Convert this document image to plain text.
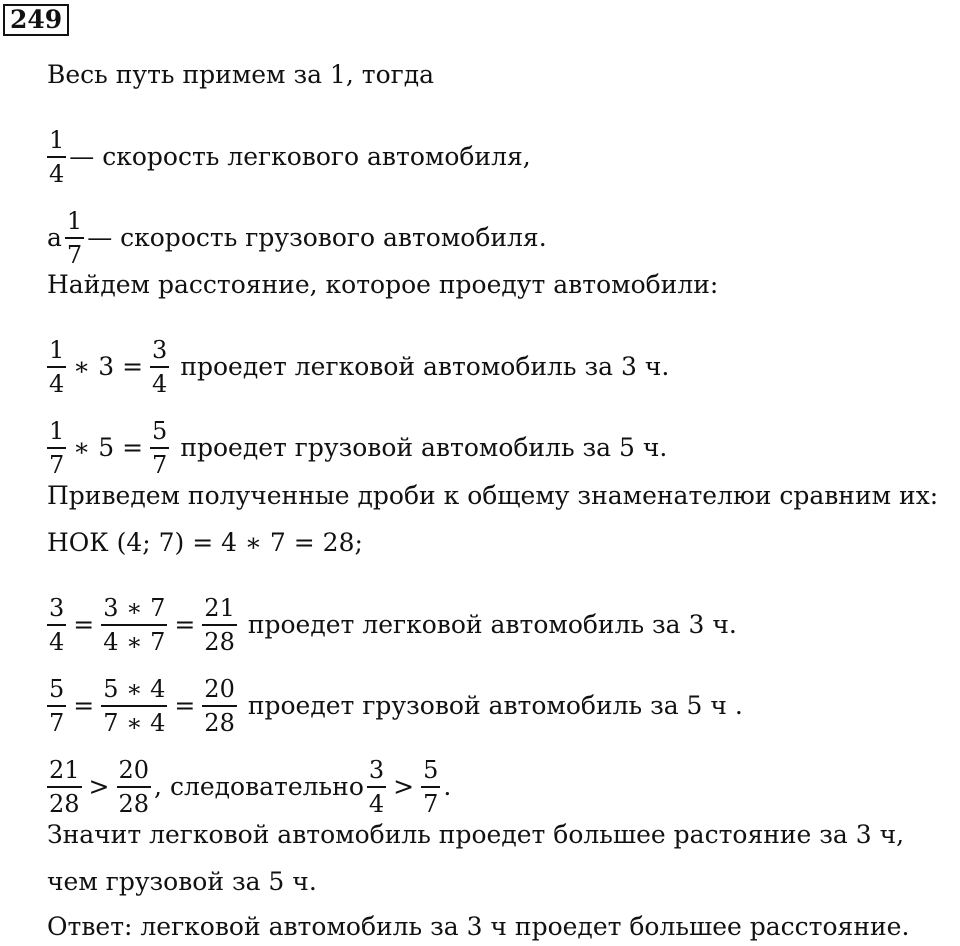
249
Весь путь примем за 1, тогда
$\frac{1}{4}$ — скорость легкового автомобиля,
а $\frac{1}{7}$ — скорость грузового автомобиля.
Найдем расстояние, которое проедут автомобили:
$\frac{1}{4}$ ∗ $3 = \frac{3}{4}$ проедет легковой автомобиль за 3 ч.
$\frac{1}{7}$ ∗ $5 = \frac{5}{7}$ проедет грузовой автомобиль за 5 ч.
Приведем полученные дроби к общему знаменателюи сравним их:
НОК (4; 7) = 4 ∗ 7 = 28;
$\frac{3}{4} = \frac{3 ∗ 7}{4 ∗ 7} = \frac{21}{28}$ проедет легковой автомобиль за 3 ч.
$\frac{5}{7} = \frac{5 ∗ 4}{7 ∗ 4} = \frac{20}{28}$ проедет грузовой автомобиль за 5 ч .
$\frac{21}{28} > \frac{20}{28}$ , следовательно $\frac{3}{4} > \frac{5}{7}$ .
Значит легковой автомобиль проедет большее растояние за 3 ч,
чем грузовой за 5 ч.
Ответ: легковой автомобиль за 3 ч проедет большее расстояние.
